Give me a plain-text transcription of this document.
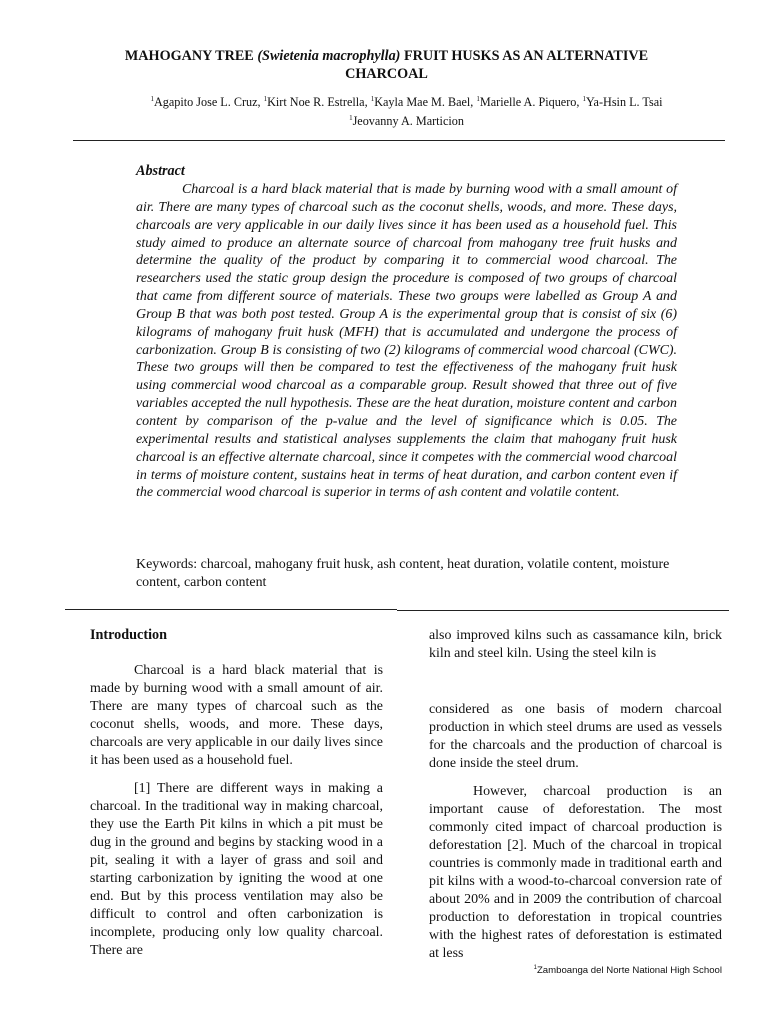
MAHOGANY TREE (Swietenia macrophylla) FRUIT HUSKS AS AN ALTERNATIVE CHARCOAL
$^1$Agapito Jose L. Cruz, $^1$Kirt Noe R. Estrella, $^1$Kayla Mae M. Bael, $^1$Marielle A. Piquero, $^1$Ya-Hsin L. Tsai
$^1$Jeovanny A. Marticion
Abstract

Charcoal is a hard black material that is made by burning wood with a small amount of air. There are many types of charcoal such as the coconut shells, woods, and more. These days, charcoals are very applicable in our daily lives since it has been used as a household fuel. This study aimed to produce an alternate source of charcoal from mahogany tree fruit husks and determine the quality of the product by comparing it to commercial wood charcoal. The researchers used the static group design the procedure is composed of two groups of charcoal that came from different source of materials. These two groups were labelled as Group A and Group B that was both post tested. Group A is the experimental group that is consist of six (6) kilograms of mahogany fruit husk (MFH) that is accumulated and undergone the process of carbonization. Group B is consisting of two (2) kilograms of commercial wood charcoal (CWC). These two groups will then be compared to test the effectiveness of the mahogany fruit husk using commercial wood charcoal as a comparable group. Result showed that three out of five variables accepted the null hypothesis. These are the heat duration, moisture content and carbon content by comparison of the p-value and the level of significance which is 0.05. The experimental results and statistical analyses supplements the claim that mahogany fruit husk charcoal is an effective alternate charcoal, since it competes with the commercial wood charcoal in terms of moisture content, sustains heat in terms of heat duration, and carbon content even if the commercial wood charcoal is superior in terms of ash content and volatile content.

Keywords: charcoal, mahogany fruit husk, ash content, heat duration, volatile content, moisture content, carbon content

Introduction

Charcoal is a hard black material that is made by burning wood with a small amount of air. There are many types of charcoal such as the coconut shells, woods, and more. These days, charcoals are very applicable in our daily lives since it has been used as a household fuel.

[1] There are different ways in making a charcoal. In the traditional way in making charcoal, they use the Earth Pit kilns in which a pit must be dug in the ground and begins by stacking wood in a pit, sealing it with a layer of grass and soil and starting carbonization by igniting the wood at one end. But by this process ventilation may also be difficult to control and often carbonization is incomplete, producing only low quality charcoal. There are

also improved kilns such as cassamance kiln, brick kiln and steel kiln. Using the steel kiln is

considered as one basis of modern charcoal production in which steel drums are used as vessels for the charcoals and the production of charcoal is done inside the steel drum.

However, charcoal production is an important cause of deforestation. The most commonly cited impact of charcoal production is deforestation [2]. Much of the charcoal in tropical countries is commonly made in traditional earth and pit kilns with a wood-to-charcoal conversion rate of about 20% and in 2009 the contribution of charcoal production to deforestation in tropical countries with the highest rates of deforestation is estimated at less

$^1$Zamboanga del Norte National High School
